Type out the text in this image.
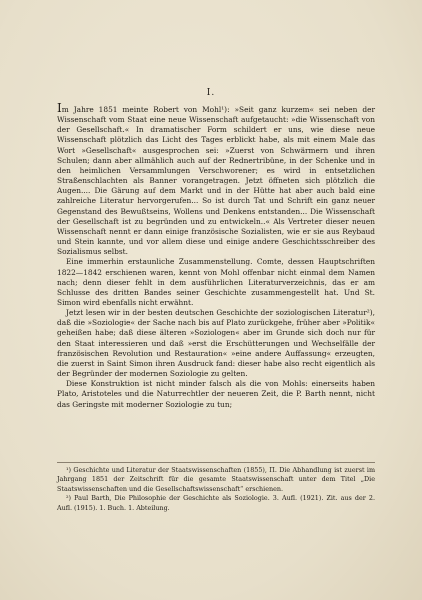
I.

Im Jahre 1851 meinte Robert von Mohl¹): »Seit ganz kurzem« sei neben der Wissenschaft vom Staat eine neue Wissenschaft aufgetaucht: »die Wissenschaft von der Gesellschaft.« In dramatischer Form schildert er uns, wie diese neue Wissenschaft plötzlich das Licht des Tages erblickt habe, als mit einem Male das Wort »Gesellschaft« ausgesprochen sei: »Zuerst von Schwärmern und ihren Schulen; dann aber allmählich auch auf der Rednertribüne, in der Schenke und in den heimlichen Versammlungen Verschworener; es wird in entsetzlichen Straßenschlachten als Banner vorangetragen. Jetzt öffneten sich plötzlich die Augen.... Die Gärung auf dem Markt und in der Hütte hat aber auch bald eine zahlreiche Literatur hervorgerufen... So ist durch Tat und Schrift ein ganz neuer Gegenstand des Bewußtseins, Wollens und Denkens entstanden... Die Wissenschaft der Gesellschaft ist zu begründen und zu entwickeln..« Als Vertreter dieser neuen Wissenschaft nennt er dann einige französische Sozialisten, wie er sie aus Reybaud und Stein kannte, und vor allem diese und einige andere Geschichtsschreiber des Sozialismus selbst.

Eine immerhin erstaunliche Zusammenstellung. Comte, dessen Hauptschriften 1822—1842 erschienen waren, kennt von Mohl offenbar nicht einmal dem Namen nach; denn dieser fehlt in dem ausführlichen Literaturverzeichnis, das er am Schlusse des dritten Bandes seiner Geschichte zusammengestellt hat. Und St. Simon wird ebenfalls nicht erwähnt.

Jetzt lesen wir in der besten deutschen Geschichte der soziologischen Literatur²), daß die »Soziologie« der Sache nach bis auf Plato zurückgehe, früher aber »Politik« geheißen habe; daß diese älteren »Soziologen« aber im Grunde sich doch nur für den Staat interessieren und daß »erst die Erschütterungen und Wechselfälle der französischen Revolution und Restauration« »eine andere Auffassung« erzeugten, die zuerst in Saint Simon ihren Ausdruck fand: dieser habe also recht eigentlich als der Begründer der modernen Soziologie zu gelten.

Diese Konstruktion ist nicht minder falsch als die von Mohls: einerseits haben Plato, Aristoteles und die Naturrechtler der neueren Zeit, die P. Barth nennt, nicht das Geringste mit moderner Soziologie zu tun;

¹) Geschichte und Literatur der Staatswissenschaften (1855), Π. Die Abhandlung ist zuerst im Jahrgang 1851 der Zeitschrift für die gesamte Staatswissenschaft unter dem Titel „Die Staatswissenschaften und die Gesellschaftswissenschaft“ erschienen.

²) Paul Barth, Die Philosophie der Geschichte als Soziologie. 3. Aufl. (1921). Zit. aus der 2. Aufl. (1915). 1. Buch. 1. Abteilung.
